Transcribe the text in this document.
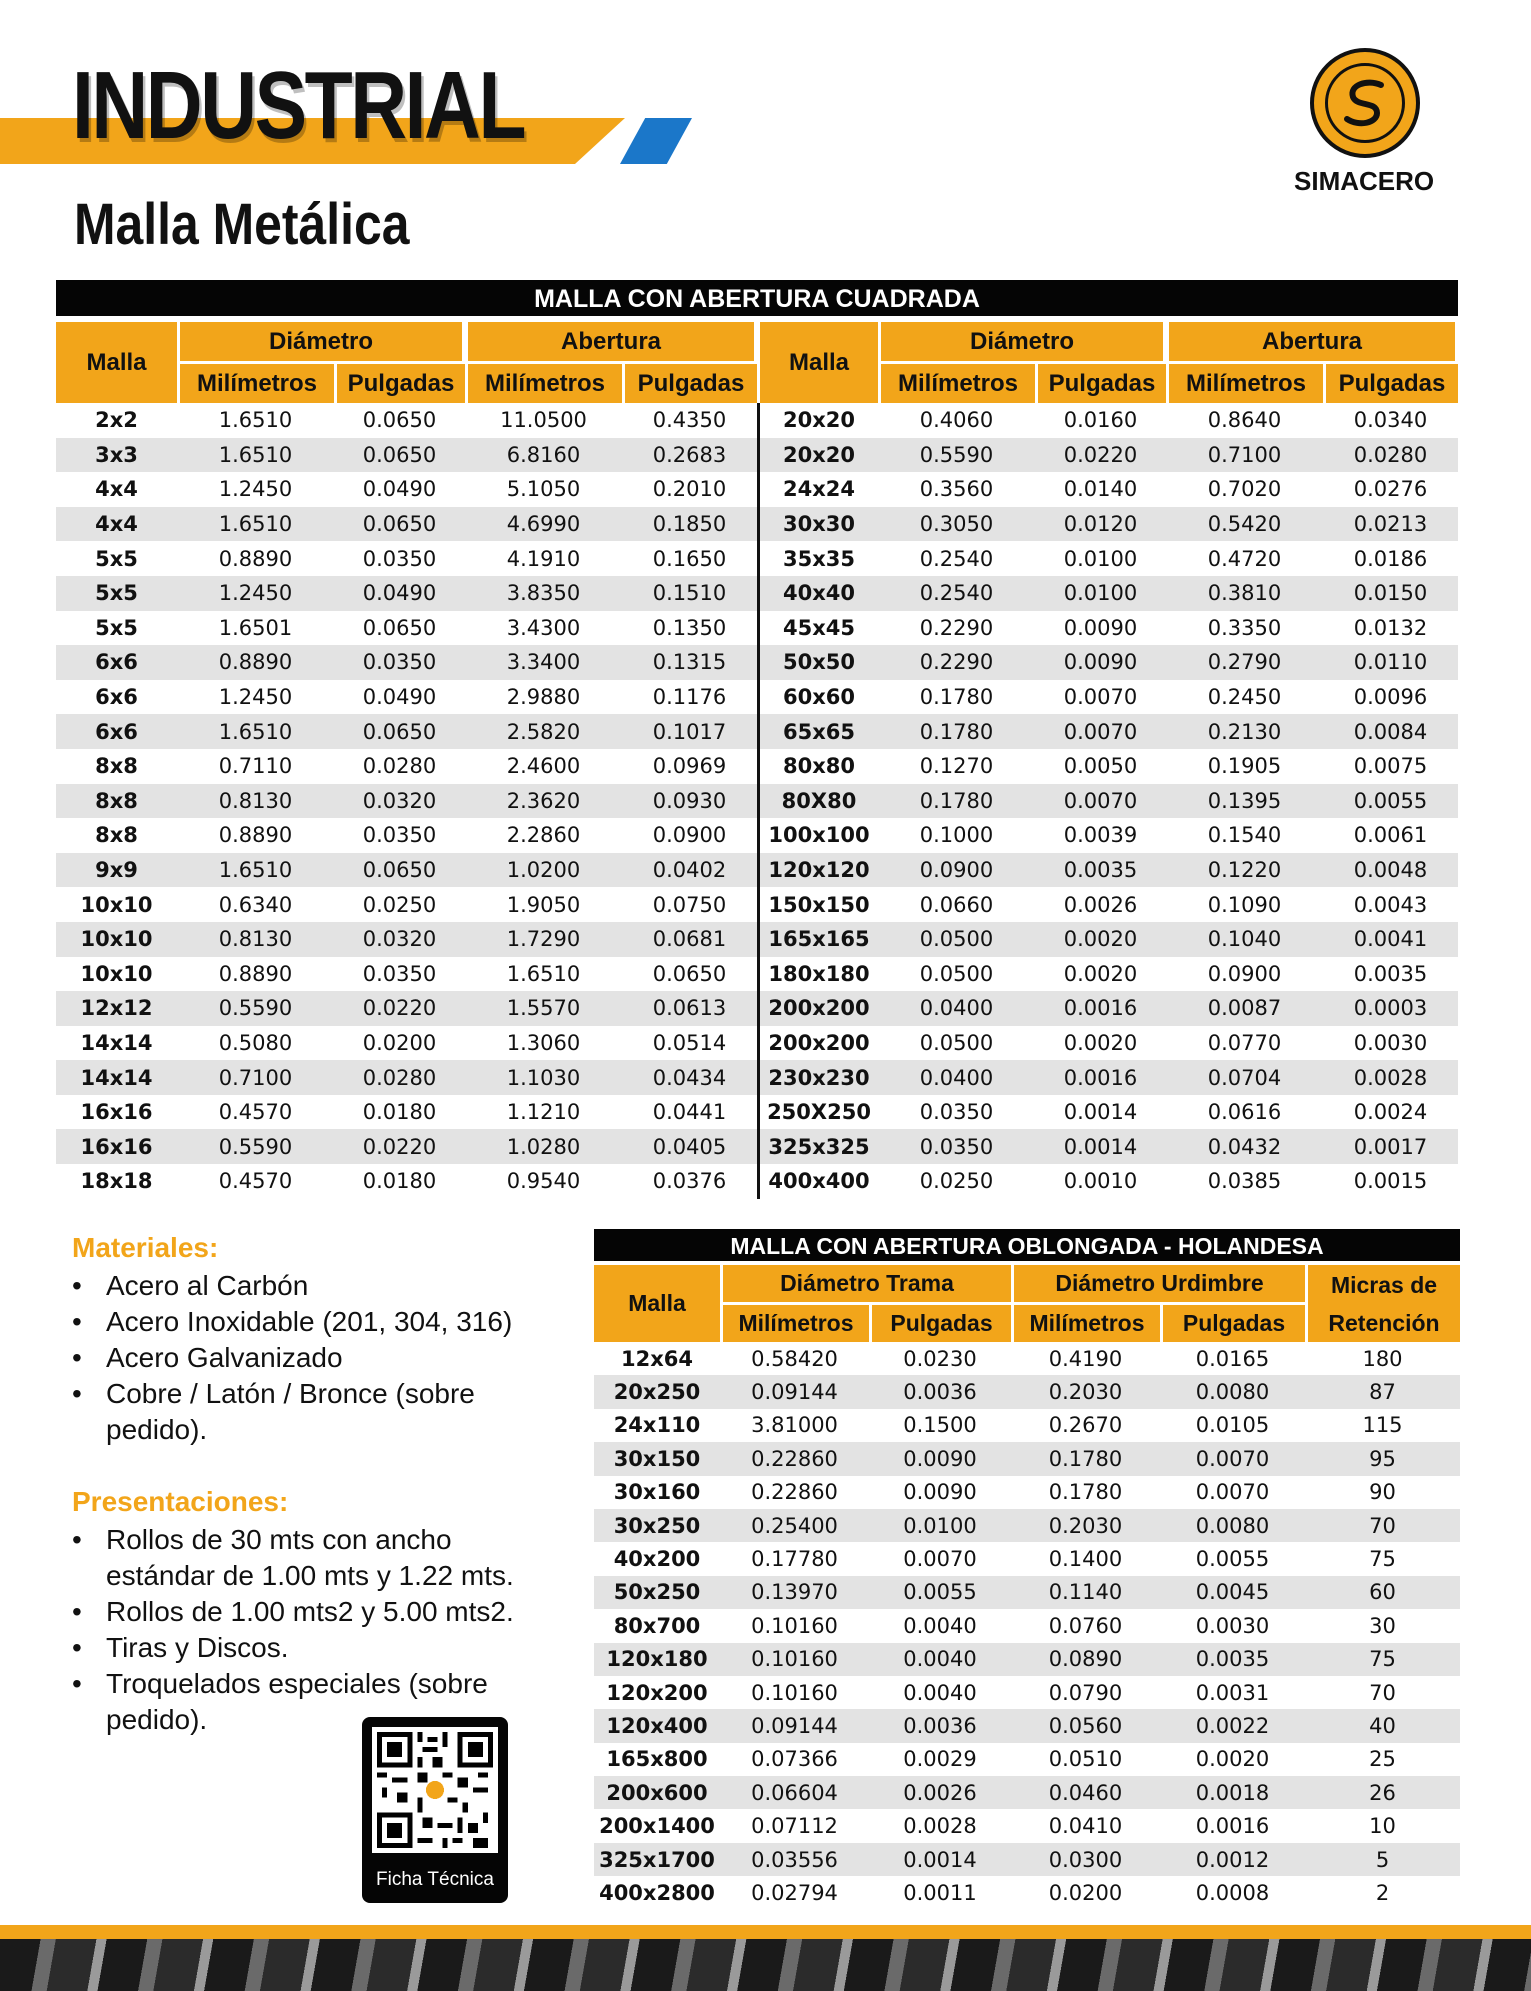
INDUSTRIAL
Malla Metálica
SIMACERO
MALLA CON ABERTURA CUADRADA
Malla	Diámetro		Abertura		Malla	Diámetro		Abertura	
	Milímetros	Pulgadas	Milímetros	Pulgadas		Milímetros	Pulgadas	Milímetros	Pulgadas
2x2	1.6510	0.0650	11.0500	0.4350	20x20	0.4060	0.0160	0.8640	0.0340
3x3	1.6510	0.0650	6.8160	0.2683	20x20	0.5590	0.0220	0.7100	0.0280
4x4	1.2450	0.0490	5.1050	0.2010	24x24	0.3560	0.0140	0.7020	0.0276
4x4	1.6510	0.0650	4.6990	0.1850	30x30	0.3050	0.0120	0.5420	0.0213
5x5	0.8890	0.0350	4.1910	0.1650	35x35	0.2540	0.0100	0.4720	0.0186
5x5	1.2450	0.0490	3.8350	0.1510	40x40	0.2540	0.0100	0.3810	0.0150
5x5	1.6501	0.0650	3.4300	0.1350	45x45	0.2290	0.0090	0.3350	0.0132
6x6	0.8890	0.0350	3.3400	0.1315	50x50	0.2290	0.0090	0.2790	0.0110
6x6	1.2450	0.0490	2.9880	0.1176	60x60	0.1780	0.0070	0.2450	0.0096
6x6	1.6510	0.0650	2.5820	0.1017	65x65	0.1780	0.0070	0.2130	0.0084
8x8	0.7110	0.0280	2.4600	0.0969	80x80	0.1270	0.0050	0.1905	0.0075
8x8	0.8130	0.0320	2.3620	0.0930	80X80	0.1780	0.0070	0.1395	0.0055
8x8	0.8890	0.0350	2.2860	0.0900	100x100	0.1000	0.0039	0.1540	0.0061
9x9	1.6510	0.0650	1.0200	0.0402	120x120	0.0900	0.0035	0.1220	0.0048
10x10	0.6340	0.0250	1.9050	0.0750	150x150	0.0660	0.0026	0.1090	0.0043
10x10	0.8130	0.0320	1.7290	0.0681	165x165	0.0500	0.0020	0.1040	0.0041
10x10	0.8890	0.0350	1.6510	0.0650	180x180	0.0500	0.0020	0.0900	0.0035
12x12	0.5590	0.0220	1.5570	0.0613	200x200	0.0400	0.0016	0.0087	0.0003
14x14	0.5080	0.0200	1.3060	0.0514	200x200	0.0500	0.0020	0.0770	0.0030
14x14	0.7100	0.0280	1.1030	0.0434	230x230	0.0400	0.0016	0.0704	0.0028
16x16	0.4570	0.0180	1.1210	0.0441	250X250	0.0350	0.0014	0.0616	0.0024
16x16	0.5590	0.0220	1.0280	0.0405	325x325	0.0350	0.0014	0.0432	0.0017
18x18	0.4570	0.0180	0.9540	0.0376	400x400	0.0250	0.0010	0.0385	0.0015
Materiales:
• Acero al Carbón
• Acero Inoxidable (201, 304, 316)
• Acero Galvanizado
• Cobre / Latón / Bronce (sobre pedido).
Presentaciones:
• Rollos de 30 mts con ancho estándar de 1.00 mts y 1.22 mts.
• Rollos de 1.00 mts2 y 5.00 mts2.
• Tiras y Discos.
• Troquelados especiales (sobre pedido).
Ficha Técnica
MALLA CON ABERTURA OBLONGADA - HOLANDESA
Malla	Diámetro Trama		Diámetro Urdimbre		Micras de
	Milímetros	Pulgadas	Milímetros	Pulgadas	Retención
12x64	0.58420	0.0230	0.4190	0.0165	180
20x250	0.09144	0.0036	0.2030	0.0080	87
24x110	3.81000	0.1500	0.2670	0.0105	115
30x150	0.22860	0.0090	0.1780	0.0070	95
30x160	0.22860	0.0090	0.1780	0.0070	90
30x250	0.25400	0.0100	0.2030	0.0080	70
40x200	0.17780	0.0070	0.1400	0.0055	75
50x250	0.13970	0.0055	0.1140	0.0045	60
80x700	0.10160	0.0040	0.0760	0.0030	30
120x180	0.10160	0.0040	0.0890	0.0035	75
120x200	0.10160	0.0040	0.0790	0.0031	70
120x400	0.09144	0.0036	0.0560	0.0022	40
165x800	0.07366	0.0029	0.0510	0.0020	25
200x600	0.06604	0.0026	0.0460	0.0018	26
200x1400	0.07112	0.0028	0.0410	0.0016	10
325x1700	0.03556	0.0014	0.0300	0.0012	5
400x2800	0.02794	0.0011	0.0200	0.0008	2
